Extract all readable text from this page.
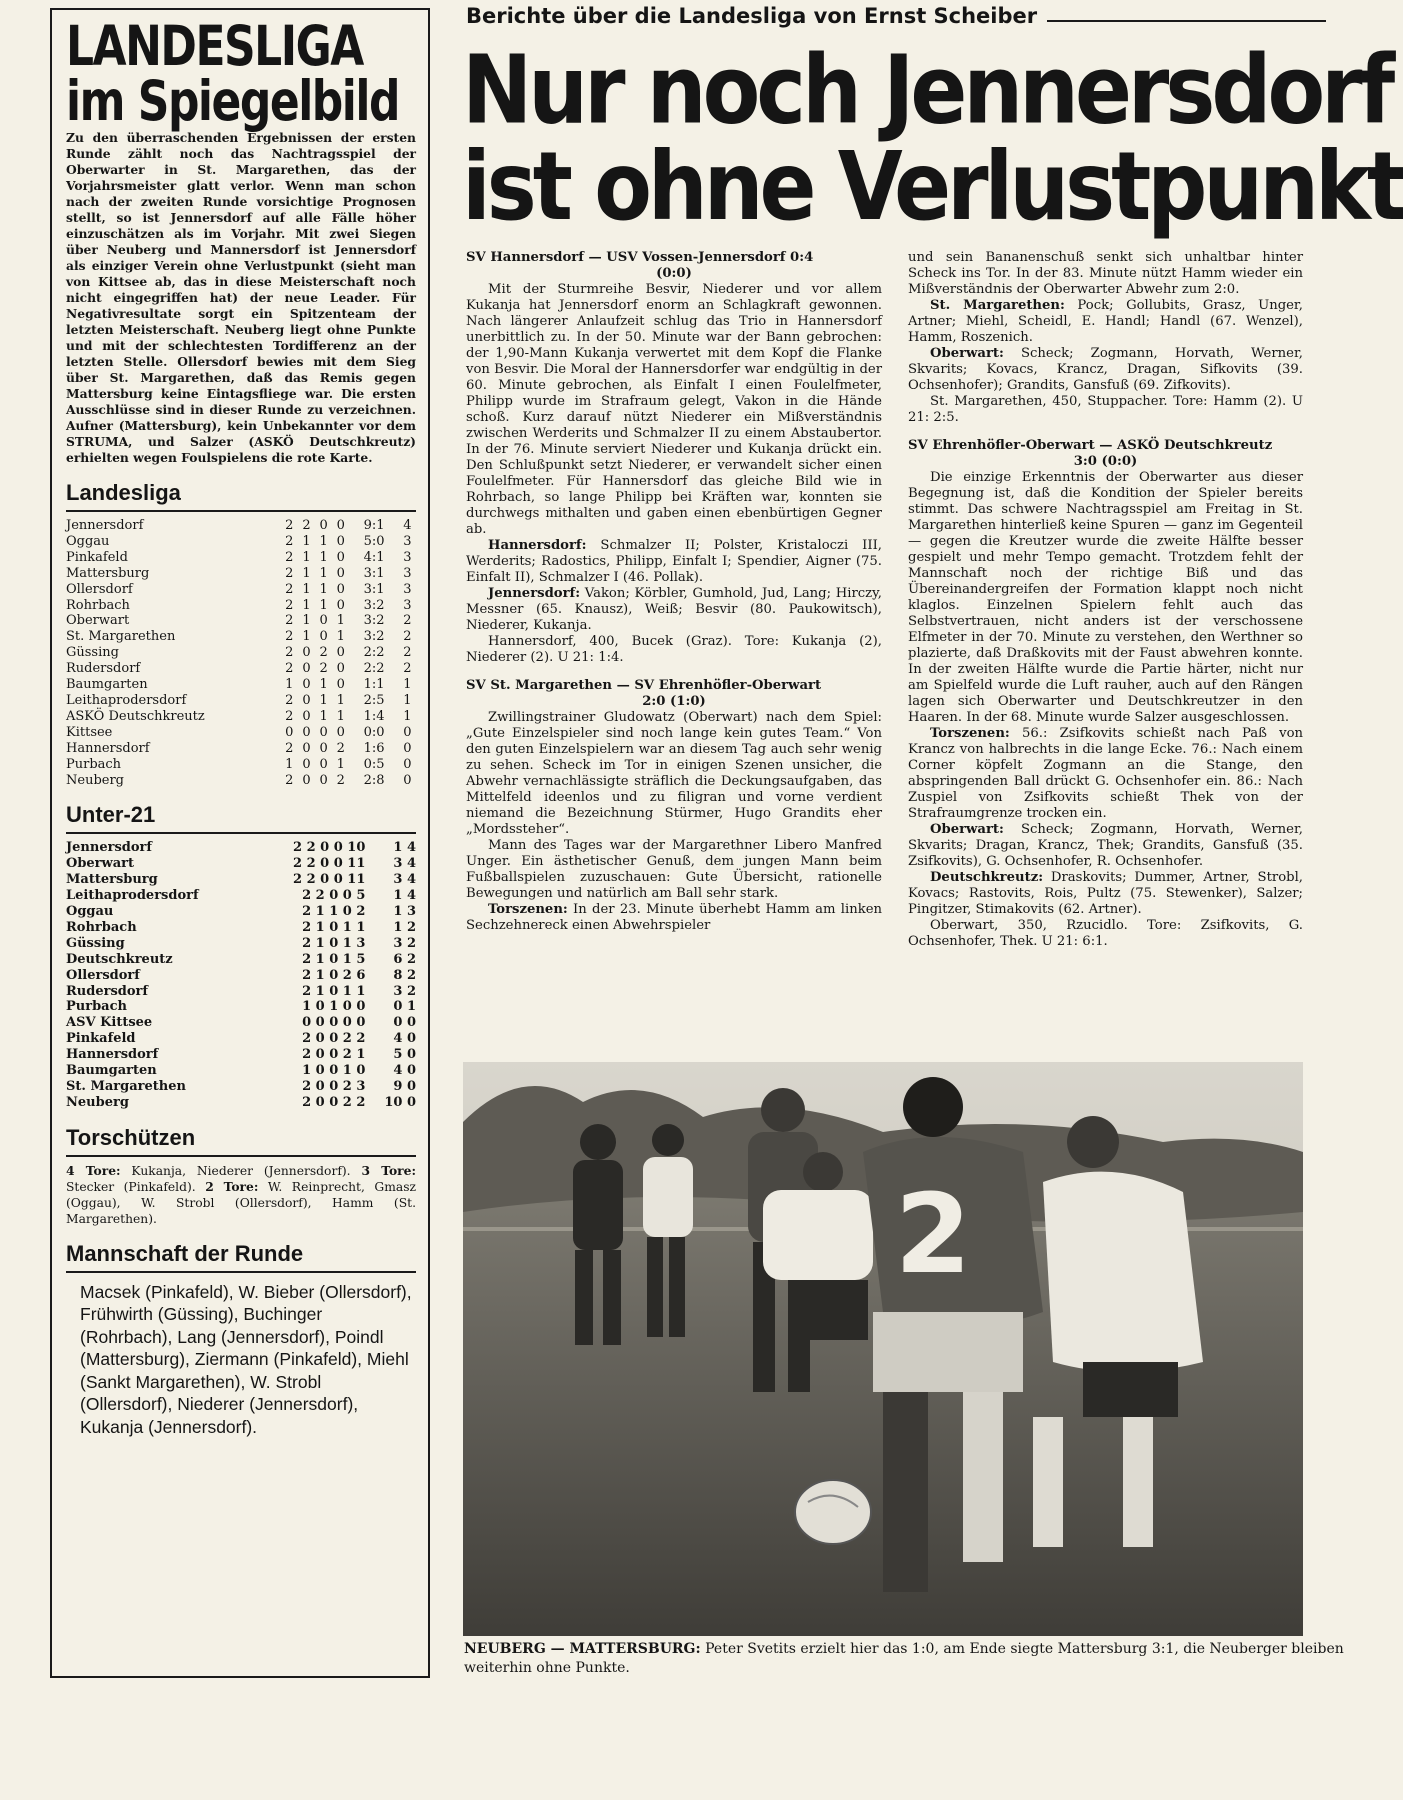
LANDESLIGA
im Spiegelbild

Zu den überraschenden Ergebnissen der ersten Runde zählt noch das Nachtragsspiel der Oberwarter in St. Margarethen, das der Vorjahrsmeister glatt verlor. Wenn man schon nach der zweiten Runde vorsichtige Prognosen stellt, so ist Jennersdorf auf alle Fälle höher einzuschätzen als im Vorjahr. Mit zwei Siegen über Neuberg und Mannersdorf ist Jennersdorf als einziger Verein ohne Verlustpunkt (sieht man von Kittsee ab, das in diese Meisterschaft noch nicht eingegriffen hat) der neue Leader. Für Negativresultate sorgt ein Spitzenteam der letzten Meisterschaft. Neuberg liegt ohne Punkte und mit der schlechtesten Tordifferenz an der letzten Stelle. Ollersdorf bewies mit dem Sieg über St. Margarethen, daß das Remis gegen Mattersburg keine Eintagsfliege war. Die ersten Ausschlüsse sind in dieser Runde zu verzeichnen. Aufner (Mattersburg), kein Unbekannter vor dem STRUMA, und Salzer (ASKÖ Deutschkreutz) erhielten wegen Foulspielens die rote Karte.

Landesliga
Jennersdorf	2	2	0	0	9:1	4
Oggau	2	1	1	0	5:0	3
Pinkafeld	2	1	1	0	4:1	3
Mattersburg	2	1	1	0	3:1	3
Ollersdorf	2	1	1	0	3:1	3
Rohrbach	2	1	1	0	3:2	3
Oberwart	2	1	0	1	3:2	2
St. Margarethen	2	1	0	1	3:2	2
Güssing	2	0	2	0	2:2	2
Rudersdorf	2	0	2	0	2:2	2
Baumgarten	1	0	1	0	1:1	1
Leithaprodersdorf	2	0	1	1	2:5	1
ASKÖ Deutschkreutz	2	0	1	1	1:4	1
Kittsee	0	0	0	0	0:0	0
Hannersdorf	2	0	0	2	1:6	0
Purbach	1	0	0	1	0:5	0
Neuberg	2	0	0	2	2:8	0
Unter-21
Jennersdorf	2 2 0 0 10	1 4
Oberwart	2 2 0 0 11	3 4
Mattersburg	2 2 0 0 11	3 4
Leithaprodersdorf	2 2 0 0 5	1 4
Oggau	2 1 1 0 2	1 3
Rohrbach	2 1 0 1 1	1 2
Güssing	2 1 0 1 3	3 2
Deutschkreutz	2 1 0 1 5	6 2
Ollersdorf	2 1 0 2 6	8 2
Rudersdorf	2 1 0 1 1	3 2
Purbach	1 0 1 0 0	0 1
ASV Kittsee	0 0 0 0 0	0 0
Pinkafeld	2 0 0 2 2	4 0
Hannersdorf	2 0 0 2 1	5 0
Baumgarten	1 0 0 1 0	4 0
St. Margarethen	2 0 0 2 3	9 0
Neuberg	2 0 0 2 2	10 0
Torschützen

4 Tore: Kukanja, Niederer (Jennersdorf). 3 Tore: Stecker (Pinkafeld). 2 Tore: W. Reinprecht, Gmasz (Oggau), W. Strobl (Ollersdorf), Hamm (St. Margarethen).

Mannschaft der Runde

Macsek (Pinkafeld), W. Bieber (Ollersdorf), Frühwirth (Güssing), Buchinger (Rohrbach), Lang (Jennersdorf), Poindl (Mattersburg), Ziermann (Pinkafeld), Miehl (Sankt Margarethen), W. Strobl (Ollersdorf), Niederer (Jennersdorf), Kukanja (Jennersdorf).

Berichte über die Landesliga von Ernst Scheiber
Nur noch Jennersdorf
ist ohne Verlustpunkt

SV Hannersdorf — USV Vossen-Jennersdorf 0:4

(0:0)

Mit der Sturmreihe Besvir, Niederer und vor allem Kukanja hat Jennersdorf enorm an Schlagkraft gewonnen. Nach längerer Anlaufzeit schlug das Trio in Hannersdorf unerbittlich zu. In der 50. Minute war der Bann gebrochen: der 1,90-Mann Kukanja verwertet mit dem Kopf die Flanke von Besvir. Die Moral der Hannersdorfer war endgültig in der 60. Minute gebrochen, als Einfalt I einen Foulelfmeter, Philipp wurde im Strafraum gelegt, Vakon in die Hände schoß. Kurz darauf nützt Niederer ein Mißverständnis zwischen Werderits und Schmalzer II zu einem Abstaubertor. In der 76. Minute serviert Niederer und Kukanja drückt ein. Den Schlußpunkt setzt Niederer, er verwandelt sicher einen Foulelfmeter. Für Hannersdorf das gleiche Bild wie in Rohrbach, so lange Philipp bei Kräften war, konnten sie durchwegs mithalten und gaben einen ebenbürtigen Gegner ab.

Hannersdorf: Schmalzer II; Polster, Kristaloczi III, Werderits; Radostics, Philipp, Einfalt I; Spendier, Aigner (75. Einfalt II), Schmalzer I (46. Pollak).

Jennersdorf: Vakon; Körbler, Gumhold, Jud, Lang; Hirczy, Messner (65. Knausz), Weiß; Besvir (80. Paukowitsch), Niederer, Kukanja.

Hannersdorf, 400, Bucek (Graz). Tore: Kukanja (2), Niederer (2). U 21: 1:4.

SV St. Margarethen — SV Ehrenhöfler-Oberwart

2:0 (1:0)

Zwillingstrainer Gludowatz (Oberwart) nach dem Spiel: „Gute Einzelspieler sind noch lange kein gutes Team.“ Von den guten Einzelspielern war an diesem Tag auch sehr wenig zu sehen. Scheck im Tor in einigen Szenen unsicher, die Abwehr vernachlässigte sträflich die Deckungsaufgaben, das Mittelfeld ideenlos und zu filigran und vorne verdient niemand die Bezeichnung Stürmer, Hugo Grandits eher „Mordssteher“.

Mann des Tages war der Margarethner Libero Manfred Unger. Ein ästhetischer Genuß, dem jungen Mann beim Fußballspielen zuzuschauen: Gute Übersicht, rationelle Bewegungen und natürlich am Ball sehr stark.

Torszenen: In der 23. Minute überhebt Hamm am linken Sechzehnereck einen Abwehrspieler

und sein Bananenschuß senkt sich unhaltbar hinter Scheck ins Tor. In der 83. Minute nützt Hamm wieder ein Mißverständnis der Oberwarter Abwehr zum 2:0.

St. Margarethen: Pock; Gollubits, Grasz, Unger, Artner; Miehl, Scheidl, E. Handl; Handl (67. Wenzel), Hamm, Roszenich.

Oberwart: Scheck; Zogmann, Horvath, Werner, Skvarits; Kovacs, Krancz, Dragan, Sifkovits (39. Ochsenhofer); Grandits, Gansfuß (69. Zifkovits).

St. Margarethen, 450, Stuppacher. Tore: Hamm (2). U 21: 2:5.

SV Ehrenhöfler-Oberwart — ASKÖ Deutschkreutz

3:0 (0:0)

Die einzige Erkenntnis der Oberwarter aus dieser Begegnung ist, daß die Kondition der Spieler bereits stimmt. Das schwere Nachtragsspiel am Freitag in St. Margarethen hinterließ keine Spuren — ganz im Gegenteil — gegen die Kreutzer wurde die zweite Hälfte besser gespielt und mehr Tempo gemacht. Trotzdem fehlt der Mannschaft noch der richtige Biß und das Übereinandergreifen der Formation klappt noch nicht klaglos. Einzelnen Spielern fehlt auch das Selbstvertrauen, nicht anders ist der verschossene Elfmeter in der 70. Minute zu verstehen, den Werthner so plazierte, daß Draßkovits mit der Faust abwehren konnte. In der zweiten Hälfte wurde die Partie härter, nicht nur am Spielfeld wurde die Luft rauher, auch auf den Rängen lagen sich Oberwarter und Deutschkreutzer in den Haaren. In der 68. Minute wurde Salzer ausgeschlossen.

Torszenen: 56.: Zsifkovits schießt nach Paß von Krancz von halbrechts in die lange Ecke. 76.: Nach einem Corner köpfelt Zogmann an die Stange, den abspringenden Ball drückt G. Ochsenhofer ein. 86.: Nach Zuspiel von Zsifkovits schießt Thek von der Strafraumgrenze trocken ein.

Oberwart: Scheck; Zogmann, Horvath, Werner, Skvarits; Dragan, Krancz, Thek; Grandits, Gansfuß (35. Zsifkovits), G. Ochsenhofer, R. Ochsenhofer.

Deutschkreutz: Draskovits; Dummer, Artner, Strobl, Kovacs; Rastovits, Rois, Pultz (75. Stewenker), Salzer; Pingitzer, Stimakovits (62. Artner).

Oberwart, 350, Rzucidlo. Tore: Zsifkovits, G. Ochsenhofer, Thek. U 21: 6:1.

2
NEUBERG — MATTERSBURG: Peter Svetits erzielt hier das 1:0, am Ende siegte Mattersburg 3:1, die Neuberger bleiben weiterhin ohne Punkte.
